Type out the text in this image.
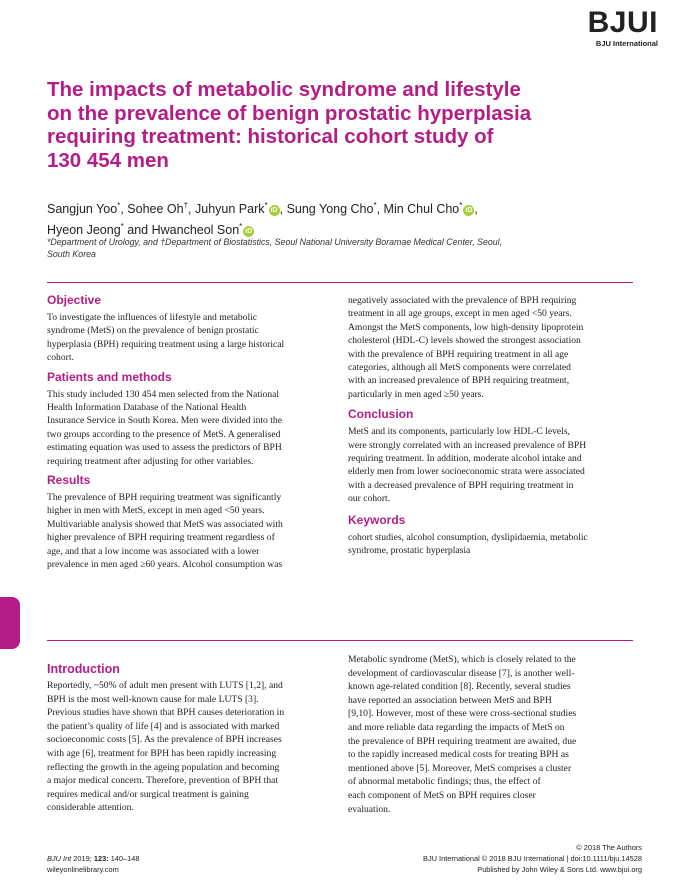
BJUI
BJU International
The impacts of metabolic syndrome and lifestyle
on the prevalence of benign prostatic hyperplasia
requiring treatment: historical cohort study of
130 454 men
Sangjun Yoo*, Sohee Oh†, Juhyun Park*iD , Sung Yong Cho*, Min Chul Cho*iD ,
Hyeon Jeong* and Hwancheol Son*iD
*Department of Urology, and †Department of Biostatistics, Seoul National University Boramae Medical Center, Seoul,
South Korea
Objective
To investigate the influences of lifestyle and metabolic
syndrome (MetS) on the prevalence of benign prostatic
hyperplasia (BPH) requiring treatment using a large historical
cohort.
Patients and methods
This study included 130 454 men selected from the National
Health Information Database of the National Health
Insurance Service in South Korea. Men were divided into the
two groups according to the presence of MetS. A generalised
estimating equation was used to assess the predictors of BPH
requiring treatment after adjusting for other variables.
Results
The prevalence of BPH requiring treatment was significantly
higher in men with MetS, except in men aged <50 years.
Multivariable analysis showed that MetS was associated with
higher prevalence of BPH requiring treatment regardless of
age, and that a low income was associated with a lower
prevalence in men aged ≥60 years. Alcohol consumption was
negatively associated with the prevalence of BPH requiring
treatment in all age groups, except in men aged <50 years.
Amongst the MetS components, low high-density lipoprotein
cholesterol (HDL-C) levels showed the strongest association
with the prevalence of BPH requiring treatment in all age
categories, although all MetS components were correlated
with an increased prevalence of BPH requiring treatment,
particularly in men aged ≥50 years.
Conclusion
MetS and its components, particularly low HDL-C levels,
were strongly correlated with an increased prevalence of BPH
requiring treatment. In addition, moderate alcohol intake and
elderly men from lower socioeconomic strata were associated
with a decreased prevalence of BPH requiring treatment in
our cohort.
Keywords
cohort studies, alcohol consumption, dyslipidaemia, metabolic
syndrome, prostatic hyperplasia
Introduction
Reportedly, ~50% of adult men present with LUTS [1,2], and
BPH is the most well-known cause for male LUTS [3].
Previous studies have shown that BPH causes deterioration in
the patient’s quality of life [4] and is associated with marked
socioeconomic costs [5]. As the prevalence of BPH increases
with age [6], treatment for BPH has been rapidly increasing
reflecting the growth in the ageing population and becoming
a major medical concern. Therefore, prevention of BPH that
requires medical and/or surgical treatment is gaining
considerable attention.
Metabolic syndrome (MetS), which is closely related to the
development of cardiovascular disease [7], is another well-
known age-related condition [8]. Recently, several studies
have reported an association between MetS and BPH
[9,10]. However, most of these were cross-sectional studies
and more reliable data regarding the impacts of MetS on
the prevalence of BPH requiring treatment are awaited, due
to the rapidly increased medical costs for treating BPH as
mentioned above [5]. Moreover, MetS comprises a cluster
of abnormal metabolic findings; thus, the effect of
each component of MetS on BPH requires closer
evaluation.
BJU Int 2019; 123: 140–148
wileyonlinelibrary.com
© 2018 The Authors
BJU International © 2018 BJU International | doi:10.1111/bju.14528
Published by John Wiley & Sons Ltd. www.bjui.org
